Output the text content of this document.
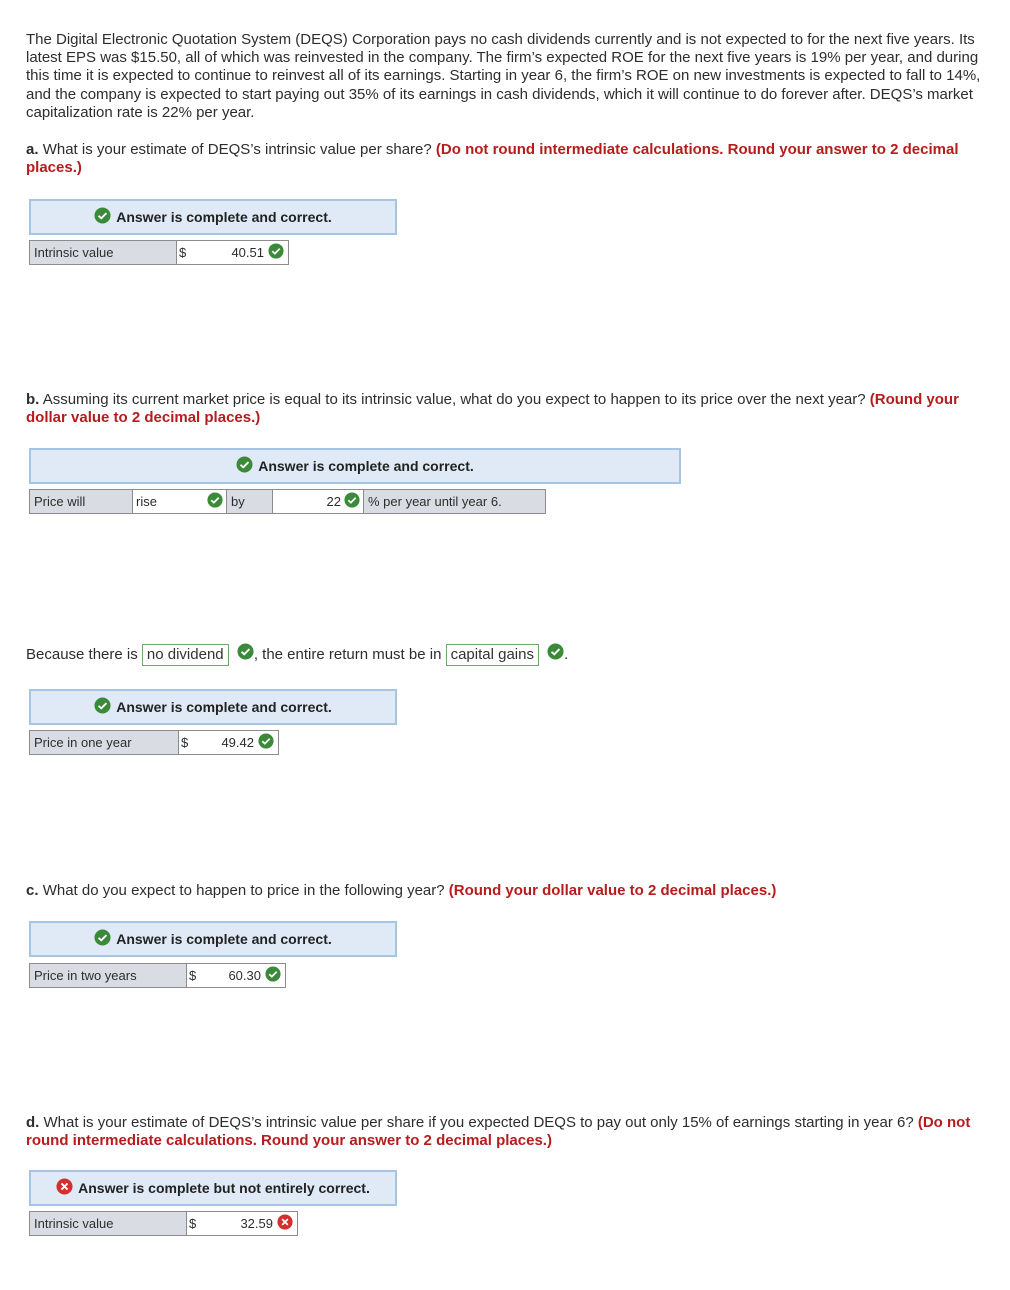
The Digital Electronic Quotation System (DEQS) Corporation pays no cash dividends currently and is not expected to for the next five years. Its latest EPS was $15.50, all of which was reinvested in the company. The firm’s expected ROE for the next five years is 19% per year, and during this time it is expected to continue to reinvest all of its earnings. Starting in year 6, the firm’s ROE on new investments is expected to fall to 14%, and the company is expected to start paying out 35% of its earnings in cash dividends, which it will continue to do forever after. DEQS’s market capitalization rate is 22% per year.
a. What is your estimate of DEQS’s intrinsic value per share? (Do not round intermediate calculations. Round your answer to 2 decimal places.)
Answer is complete and correct.
Intrinsic value	$	40.51
b. Assuming its current market price is equal to its intrinsic value, what do you expect to happen to its price over the next year? (Round your dollar value to 2 decimal places.)
Answer is complete and correct.
Price will	rise	by	22	% per year until year 6.
Because there is no dividend , the entire return must be in capital gains .
Answer is complete and correct.
Price in one year	$	49.42
c. What do you expect to happen to price in the following year? (Round your dollar value to 2 decimal places.)
Answer is complete and correct.
Price in two years	$ 60.30
d. What is your estimate of DEQS’s intrinsic value per share if you expected DEQS to pay out only 15% of earnings starting in year 6? (Do not round intermediate calculations. Round your answer to 2 decimal places.)
Answer is complete but not entirely correct.
Intrinsic value	$	32.59
